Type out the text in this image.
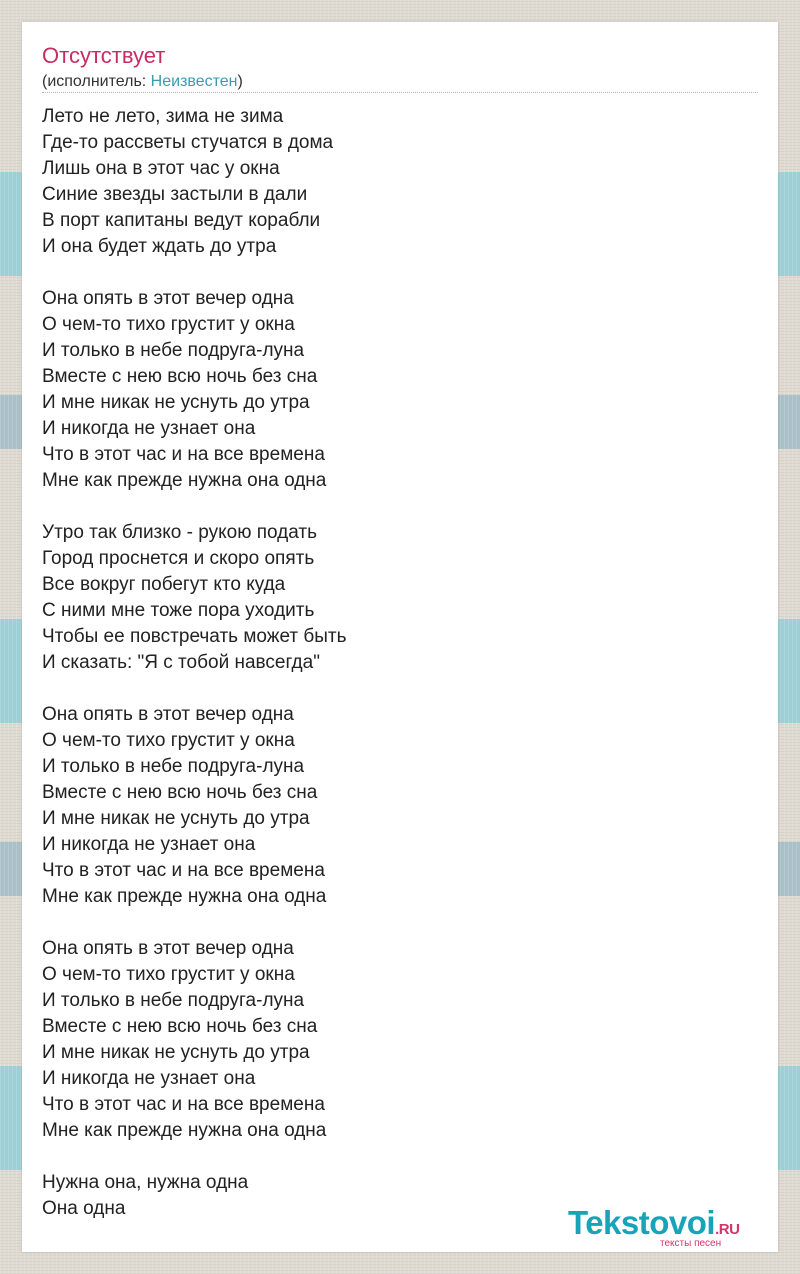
Отсутствует
(исполнитель: Неизвестен)
Лето не лето, зима не зима
Где-то рассветы стучатся в дома
Лишь она в этот час у окна
Синие звезды застыли в дали
В порт капитаны ведут корабли
И она будет ждать до утра
Она опять в этот вечер одна
О чем-то тихо грустит у окна
И только в небе подруга-луна
Вместе с нею всю ночь без сна
И мне никак не уснуть до утра
И никогда не узнает она
Что в этот час и на все времена
Мне как прежде нужна она одна
Утро так близко - рукою подать
Город проснется и скоро опять
Все вокруг побегут кто куда
С ними мне тоже пора уходить
Чтобы ее повстречать может быть
И сказать: "Я с тобой навсегда"
Она опять в этот вечер одна
О чем-то тихо грустит у окна
И только в небе подруга-луна
Вместе с нею всю ночь без сна
И мне никак не уснуть до утра
И никогда не узнает она
Что в этот час и на все времена
Мне как прежде нужна она одна
Она опять в этот вечер одна
О чем-то тихо грустит у окна
И только в небе подруга-луна
Вместе с нею всю ночь без сна
И мне никак не уснуть до утра
И никогда не узнает она
Что в этот час и на все времена
Мне как прежде нужна она одна
Нужна она, нужна одна
Она одна	Tekstovoi.RU
тексты песен
